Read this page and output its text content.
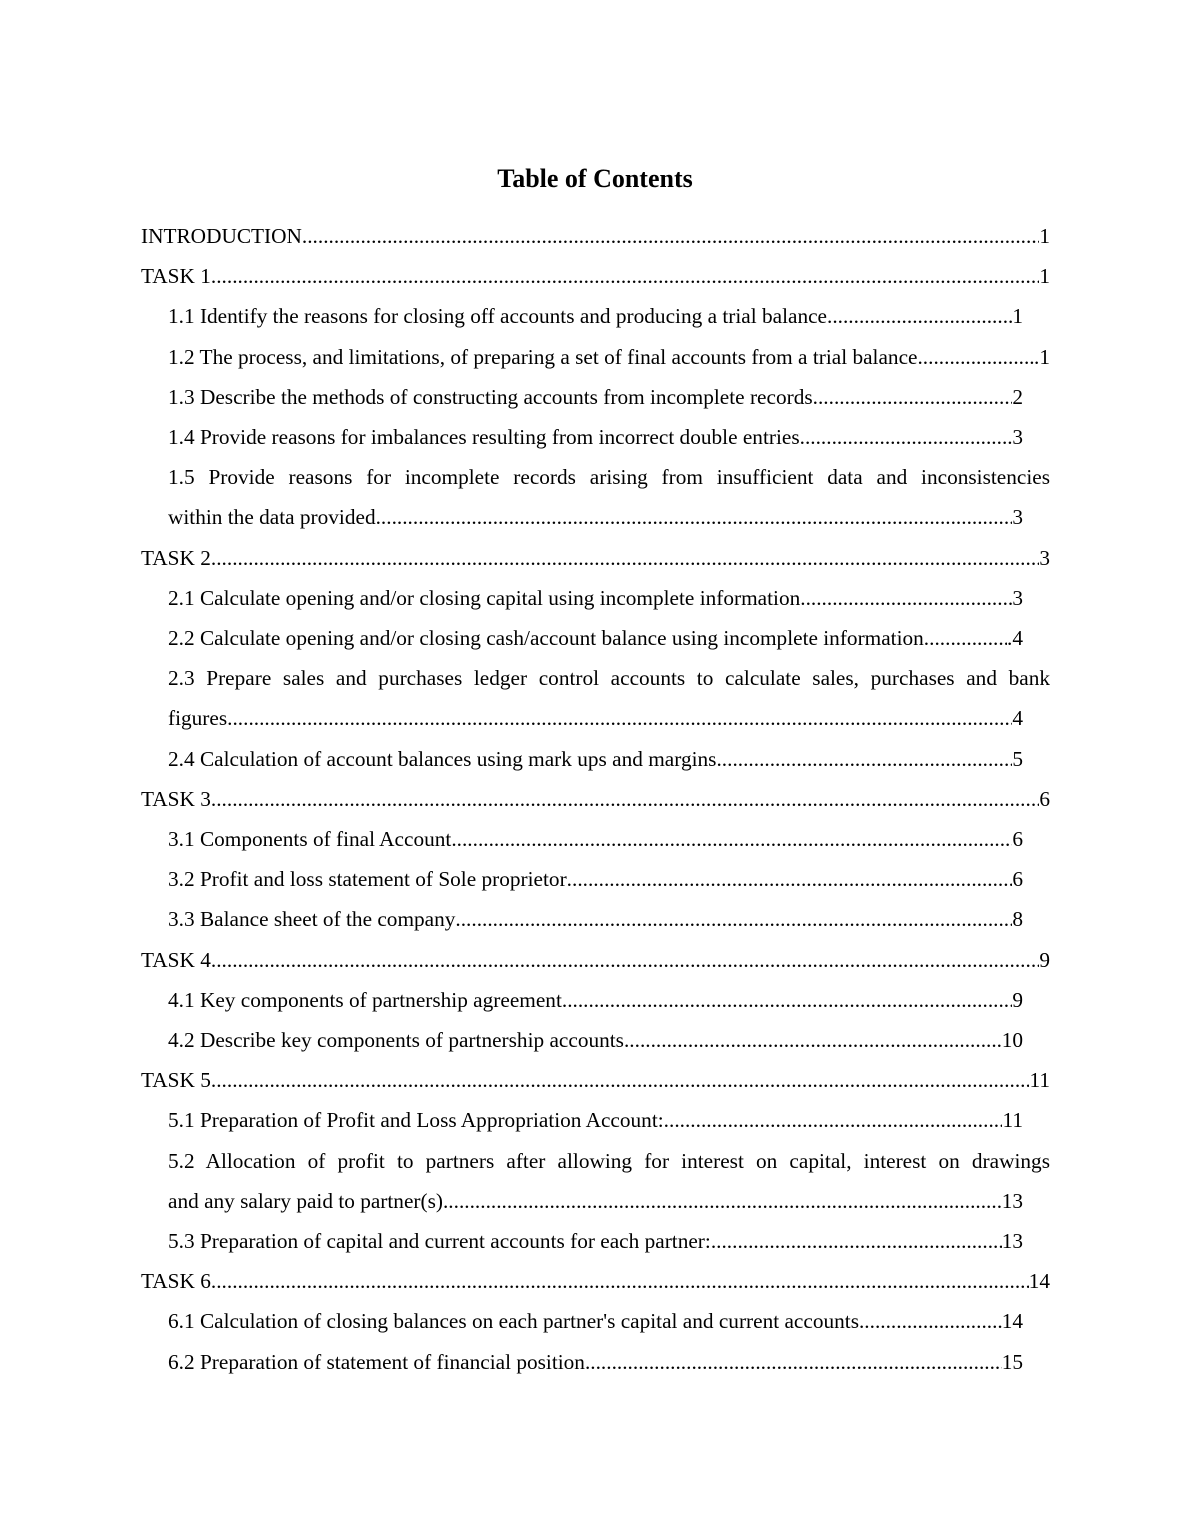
Table of Contents
INTRODUCTION .....	1
TASK 1 .....	1
1.1 Identify the reasons for closing off accounts and producing a trial balance .....	1
1.2 The process, and limitations, of preparing a set of final accounts from a trial balance.. .....	.1
1.3 Describe the methods of constructing accounts from incomplete records .....	2
1.4 Provide reasons for imbalances resulting from incorrect double entries .....	3
1.5 Provide reasons for incomplete records arising from insufficient data and inconsistencies
within the data provided .....	3
TASK 2 .....	3
2.1 Calculate opening and/or closing capital using incomplete information .....	3
2.2 Calculate opening and/or closing cash/account balance using incomplete information. .....	.4
2.3 Prepare sales and purchases ledger control accounts to calculate sales, purchases and bank
figures .....	4
2.4 Calculation of account balances using mark ups and margins .....	5
TASK 3 .....	6
3.1 Components of final Account .....	6
3.2 Profit and loss statement of Sole proprietor .....	6
3.3 Balance sheet of the company .....	8
TASK 4 .....	9
4.1 Key components of partnership agreement .....	9
4.2 Describe key components of partnership accounts .....	10
TASK 5 .....	11
5.1 Preparation of Profit and Loss Appropriation Account: .....	11
5.2 Allocation of profit to partners after allowing for interest on capital, interest on drawings
and any salary paid to partner(s) .....	13
5.3 Preparation of capital and current accounts for each partner: .....	13
TASK 6 .....	14
6.1 Calculation of closing balances on each partner's capital and current accounts .....	14
6.2 Preparation of statement of financial position .....	15
